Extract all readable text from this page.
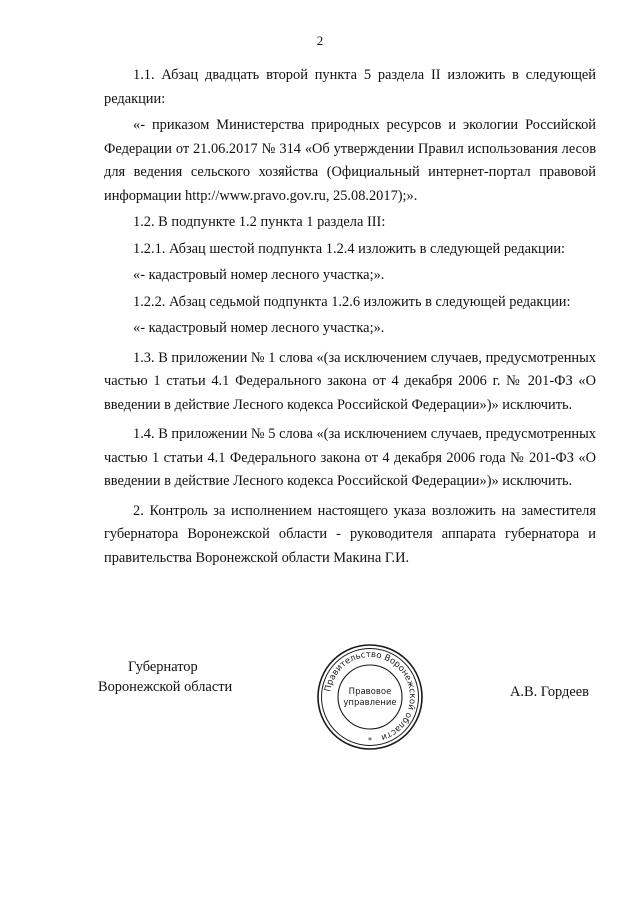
2

1.1. Абзац двадцать второй пункта 5 раздела II изложить в следующей редакции:

«- приказом Министерства природных ресурсов и экологии Российской Федерации от 21.06.2017 № 314 «Об утверждении Правил использования лесов для ведения сельского хозяйства (Официальный интернет-портал правовой информации http://www.pravo.gov.ru, 25.08.2017);».

1.2. В подпункте 1.2 пункта 1 раздела III:

1.2.1. Абзац шестой подпункта 1.2.4 изложить в следующей редакции:

«- кадастровый номер лесного участка;».

1.2.2. Абзац седьмой подпункта 1.2.6 изложить в следующей редакции:

«- кадастровый номер лесного участка;».

1.3. В приложении № 1 слова «(за исключением случаев, предусмотренных частью 1 статьи 4.1 Федерального закона от 4 декабря 2006 г. № 201-ФЗ «О введении в действие Лесного кодекса Российской Федерации»)» исключить.

1.4. В приложении № 5 слова «(за исключением случаев, предусмотренных частью 1 статьи 4.1 Федерального закона от 4 декабря 2006 года № 201-ФЗ «О введении в действие Лесного кодекса Российской Федерации»)» исключить.

2. Контроль за исполнением настоящего указа возложить на заместителя губернатора Воронежской области - руководителя аппарата губернатора и правительства Воронежской области Макина Г.И.

Губернатор
Воронежской области	Правительство Воронежской области
Правовое
управление
*
А.В. Гордеев
